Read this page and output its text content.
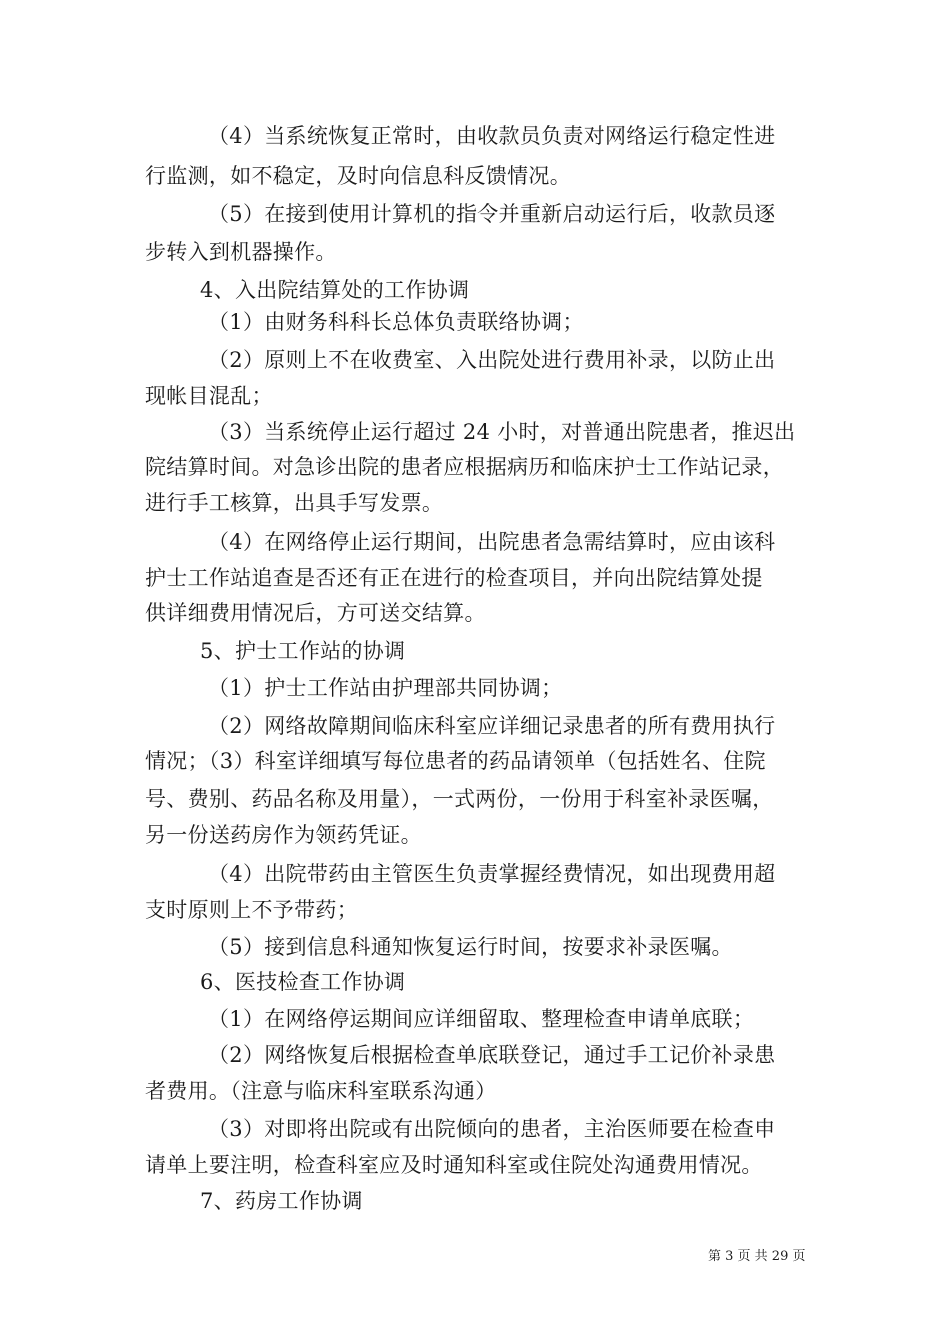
（4）当系统恢复正常时，由收款员负责对网络运行稳定性进
行监测，如不稳定，及时向信息科反馈情况。
（5）在接到使用计算机的指令并重新启动运行后，收款员逐
步转入到机器操作。
4、入出院结算处的工作协调
（1）由财务科科长总体负责联络协调；
（2）原则上不在收费室、入出院处进行费用补录，以防止出
现帐目混乱；
（3）当系统停止运行超过 24 小时，对普通出院患者，推迟出
院结算时间。对急诊出院的患者应根据病历和临床护士工作站记录，
进行手工核算，出具手写发票。
（4）在网络停止运行期间，出院患者急需结算时，应由该科
护士工作站追查是否还有正在进行的检查项目，并向出院结算处提
供详细费用情况后，方可送交结算。
5、护士工作站的协调
（1）护士工作站由护理部共同协调；
（2）网络故障期间临床科室应详细记录患者的所有费用执行
情况；（3）科室详细填写每位患者的药品请领单（包括姓名、住院
号、费别、药品名称及用量），一式两份，一份用于科室补录医嘱，
另一份送药房作为领药凭证。
（4）出院带药由主管医生负责掌握经费情况，如出现费用超
支时原则上不予带药；
（5）接到信息科通知恢复运行时间，按要求补录医嘱。
6、医技检查工作协调
（1）在网络停运期间应详细留取、整理检查申请单底联；
（2）网络恢复后根据检查单底联登记，通过手工记价补录患
者费用。（注意与临床科室联系沟通）
（3）对即将出院或有出院倾向的患者，主治医师要在检查申
请单上要注明，检查科室应及时通知科室或住院处沟通费用情况。
7、药房工作协调
第 3 页 共 29 页
